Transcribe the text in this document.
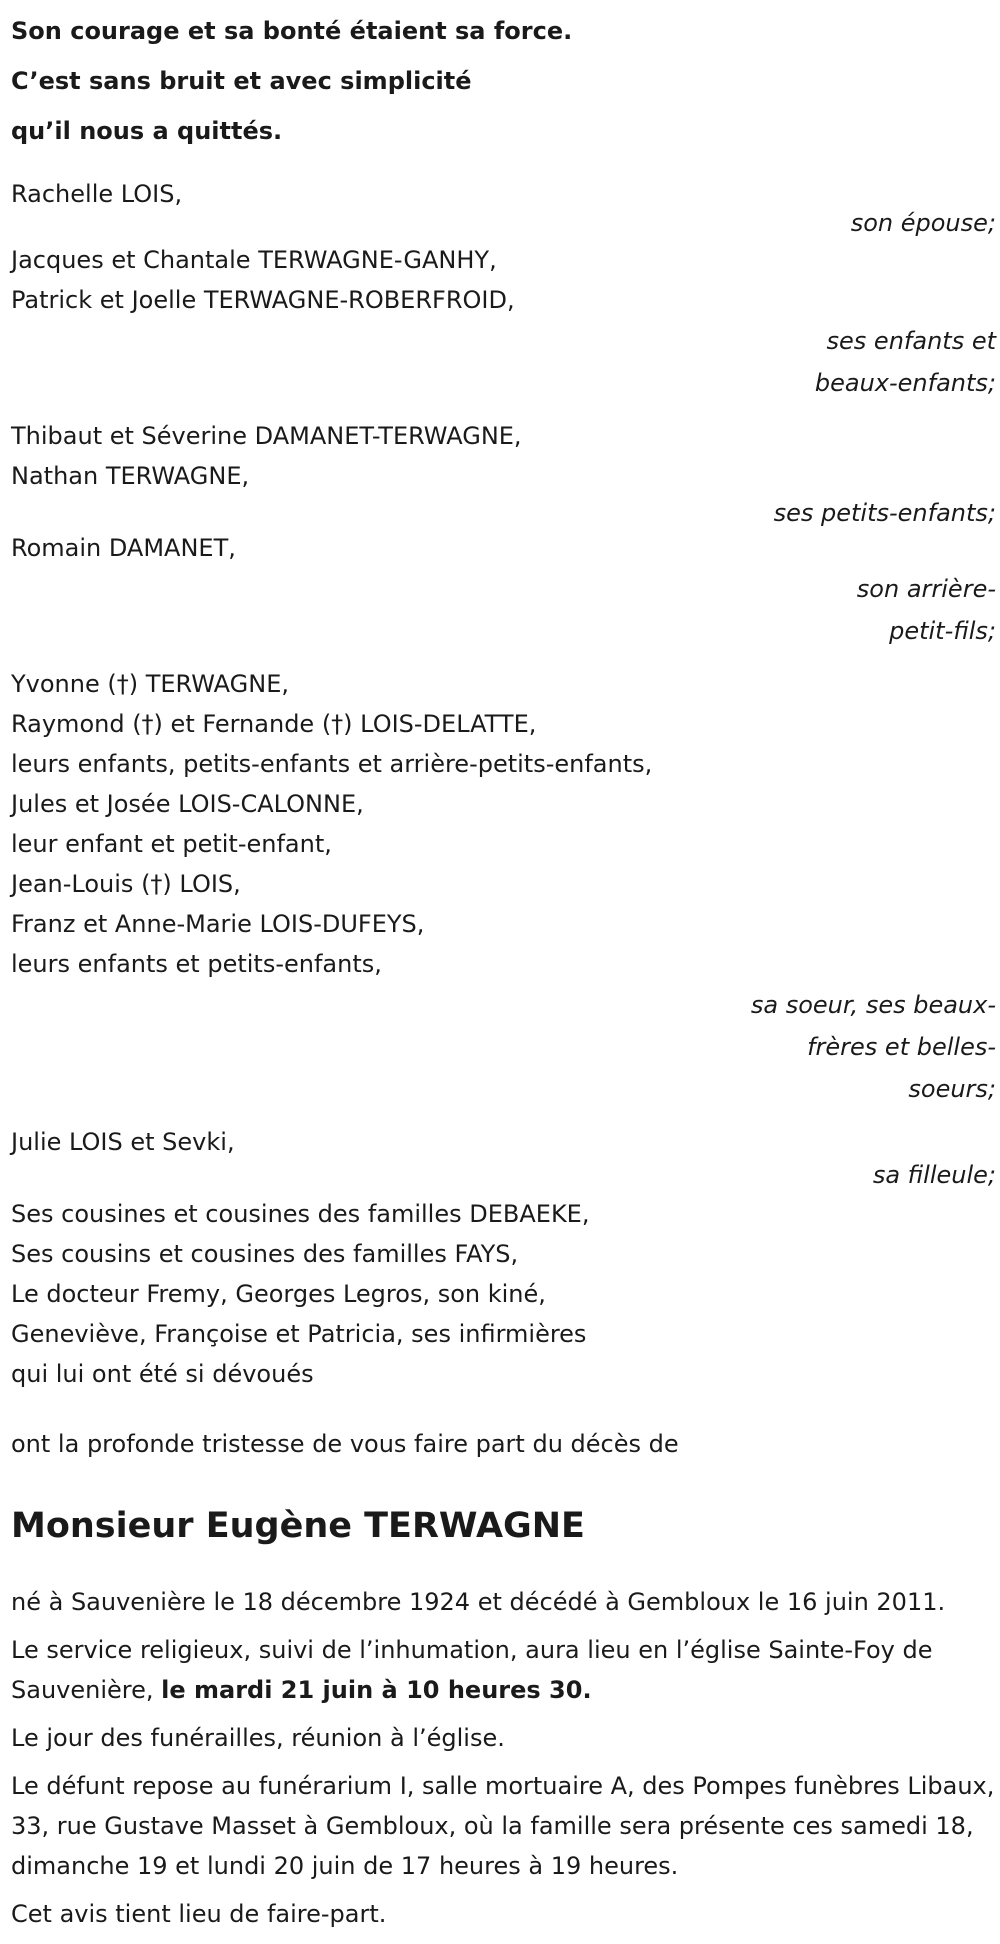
Son courage et sa bonté étaient sa force.
C’est sans bruit et avec simplicité
qu’il nous a quittés.
Rachelle LOIS,
son épouse;
Jacques et Chantale TERWAGNE-GANHY,
Patrick et Joelle TERWAGNE-ROBERFROID,
ses enfants et beaux-enfants;
Thibaut et Séverine DAMANET-TERWAGNE,
Nathan TERWAGNE,
ses petits-enfants;
Romain DAMANET,
son arrière-petit-fils;
Yvonne (†) TERWAGNE,
Raymond (†) et Fernande (†) LOIS-DELATTE,
leurs enfants, petits-enfants et arrière-petits-enfants,
Jules et Josée LOIS-CALONNE,
leur enfant et petit-enfant,
Jean-Louis (†) LOIS,
Franz et Anne-Marie LOIS-DUFEYS,
leurs enfants et petits-enfants,
sa soeur, ses beaux-frères et belles-soeurs;
Julie LOIS et Sevki,
sa filleule;
Ses cousines et cousines des familles DEBAEKE,
Ses cousins et cousines des familles FAYS,
Le docteur Fremy, Georges Legros, son kiné,
Geneviève, Françoise et Patricia, ses infirmières
qui lui ont été si dévoués
ont la profonde tristesse de vous faire part du décès de
Monsieur Eugène TERWAGNE

né à Sauvenière le 18 décembre 1924 et décédé à Gembloux le 16 juin 2011.

Le service religieux, suivi de l’inhumation, aura lieu en l’église Sainte-Foy de Sauvenière, le mardi 21 juin à 10 heures 30.

Le jour des funérailles, réunion à l’église.

Le défunt repose au funérarium I, salle mortuaire A, des Pompes funèbres Libaux, 33, rue Gustave Masset à Gembloux, où la famille sera présente ces samedi 18, dimanche 19 et lundi 20 juin de 17 heures à 19 heures.

Cet avis tient lieu de faire-part.
